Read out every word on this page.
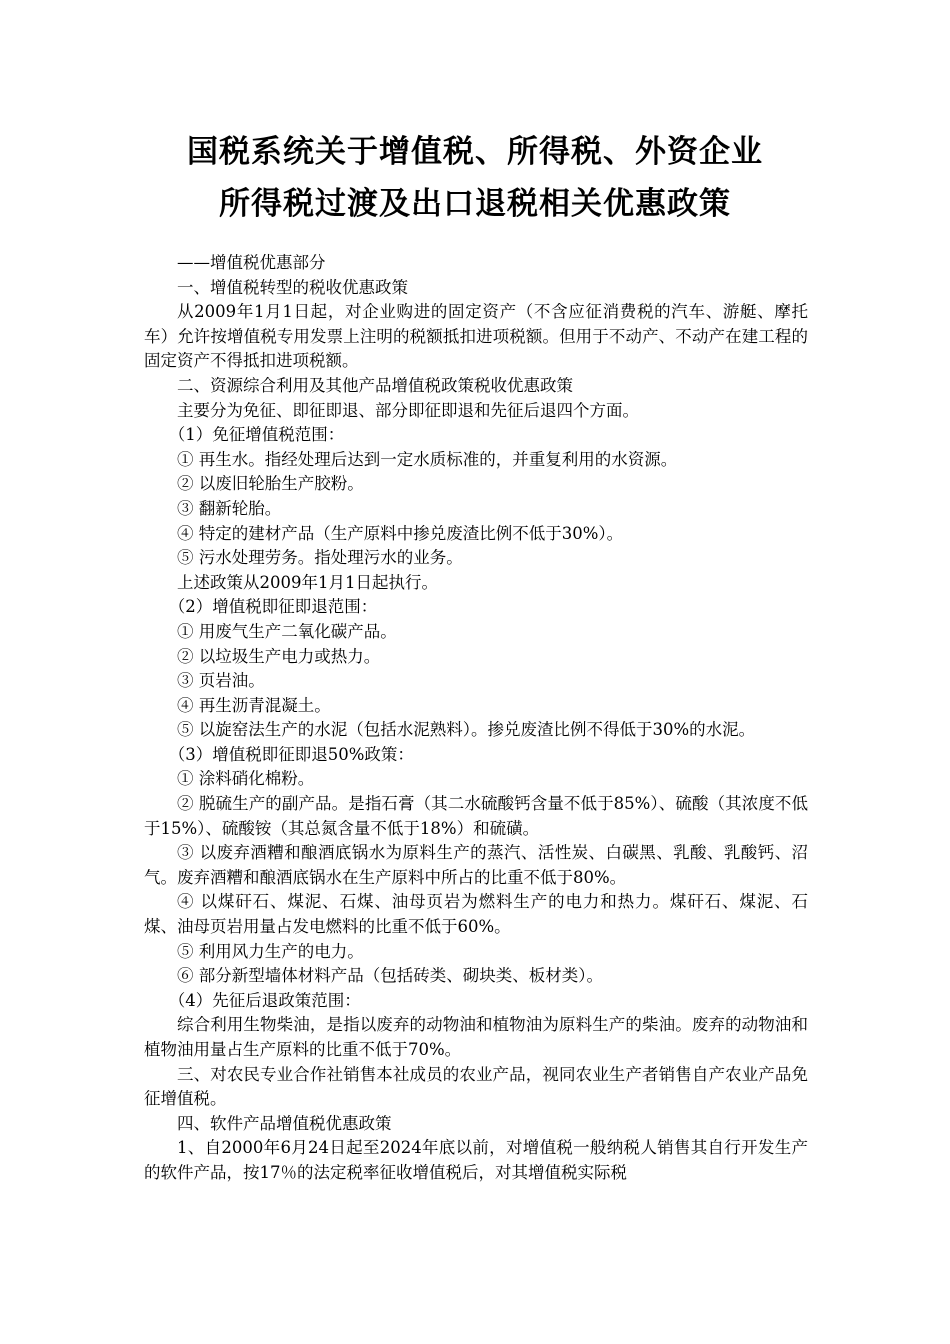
国税系统关于增值税、所得税、外资企业
所得税过渡及出口退税相关优惠政策

——增值税优惠部分

一、增值税转型的税收优惠政策

从2009年1月1日起，对企业购进的固定资产（不含应征消费税的汽车、游艇、摩托车）允许按增值税专用发票上注明的税额抵扣进项税额。但用于不动产、不动产在建工程的固定资产不得抵扣进项税额。

二、资源综合利用及其他产品增值税政策税收优惠政策

主要分为免征、即征即退、部分即征即退和先征后退四个方面。

（1）免征增值税范围：

① 再生水。指经处理后达到一定水质标准的，并重复利用的水资源。

② 以废旧轮胎生产胶粉。

③ 翻新轮胎。

④ 特定的建材产品（生产原料中掺兑废渣比例不低于30%）。

⑤ 污水处理劳务。指处理污水的业务。

上述政策从2009年1月1日起执行。

（2）增值税即征即退范围：

① 用废气生产二氧化碳产品。

② 以垃圾生产电力或热力。

③ 页岩油。

④ 再生沥青混凝土。

⑤ 以旋窑法生产的水泥（包括水泥熟料）。掺兑废渣比例不得低于30%的水泥。

（3）增值税即征即退50%政策：

① 涂料硝化棉粉。

② 脱硫生产的副产品。是指石膏（其二水硫酸钙含量不低于85%）、硫酸（其浓度不低于15%）、硫酸铵（其总氮含量不低于18%）和硫磺。

③ 以废弃酒糟和酿酒底锅水为原料生产的蒸汽、活性炭、白碳黑、乳酸、乳酸钙、沼气。废弃酒糟和酿酒底锅水在生产原料中所占的比重不低于80%。

④ 以煤矸石、煤泥、石煤、油母页岩为燃料生产的电力和热力。煤矸石、煤泥、石煤、油母页岩用量占发电燃料的比重不低于60%。

⑤ 利用风力生产的电力。

⑥ 部分新型墙体材料产品（包括砖类、砌块类、板材类）。

（4）先征后退政策范围：

综合利用生物柴油，是指以废弃的动物油和植物油为原料生产的柴油。废弃的动物油和植物油用量占生产原料的比重不低于70%。

三、对农民专业合作社销售本社成员的农业产品，视同农业生产者销售自产农业产品免征增值税。

四、软件产品增值税优惠政策

1、自2000年6月24日起至2024年底以前，对增值税一般纳税人销售其自行开发生产的软件产品，按17％的法定税率征收增值税后，对其增值税实际税
